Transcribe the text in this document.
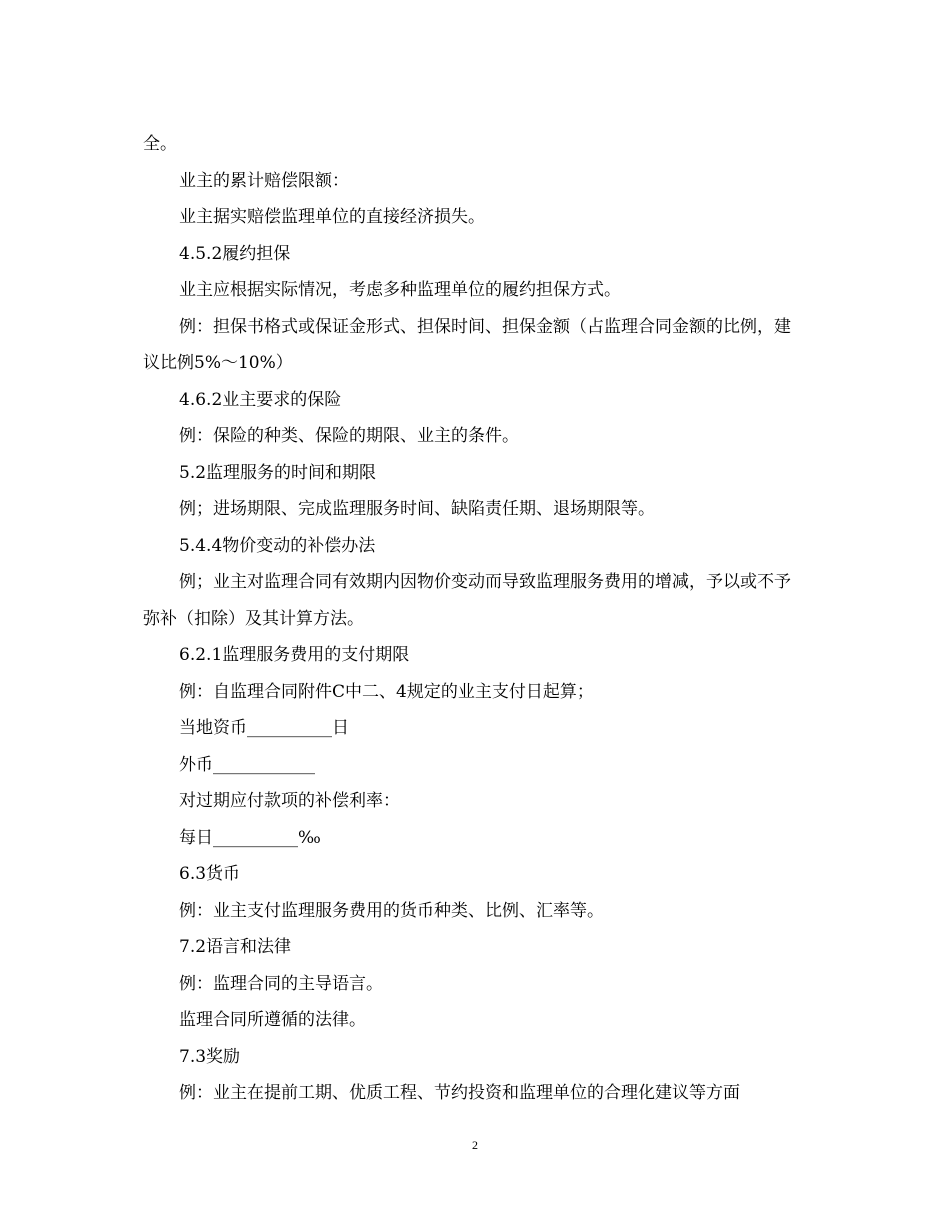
全。

业主的累计赔偿限额：

业主据实赔偿监理单位的直接经济损失。

4.5.2履约担保

业主应根据实际情况，考虑多种监理单位的履约担保方式。

例：担保书格式或保证金形式、担保时间、担保金额（占监理合同金额的比例，建议比例5%～10%）

4.6.2业主要求的保险

例：保险的种类、保险的期限、业主的条件。

5.2监理服务的时间和期限

例；进场期限、完成监理服务时间、缺陷责任期、退场期限等。

5.4.4物价变动的补偿办法

例；业主对监理合同有效期内因物价变动而导致监理服务费用的增减，予以或不予弥补（扣除）及其计算方法。

6.2.1监理服务费用的支付期限

例：自监理合同附件C中二、4规定的业主支付日起算；

当地资币__________日

外币____________

对过期应付款项的补偿利率：

每日__________‰

6.3货币

例：业主支付监理服务费用的货币种类、比例、汇率等。

7.2语言和法律

例：监理合同的主导语言。

监理合同所遵循的法律。

7.3奖励

例：业主在提前工期、优质工程、节约投资和监理单位的合理化建议等方面

2
